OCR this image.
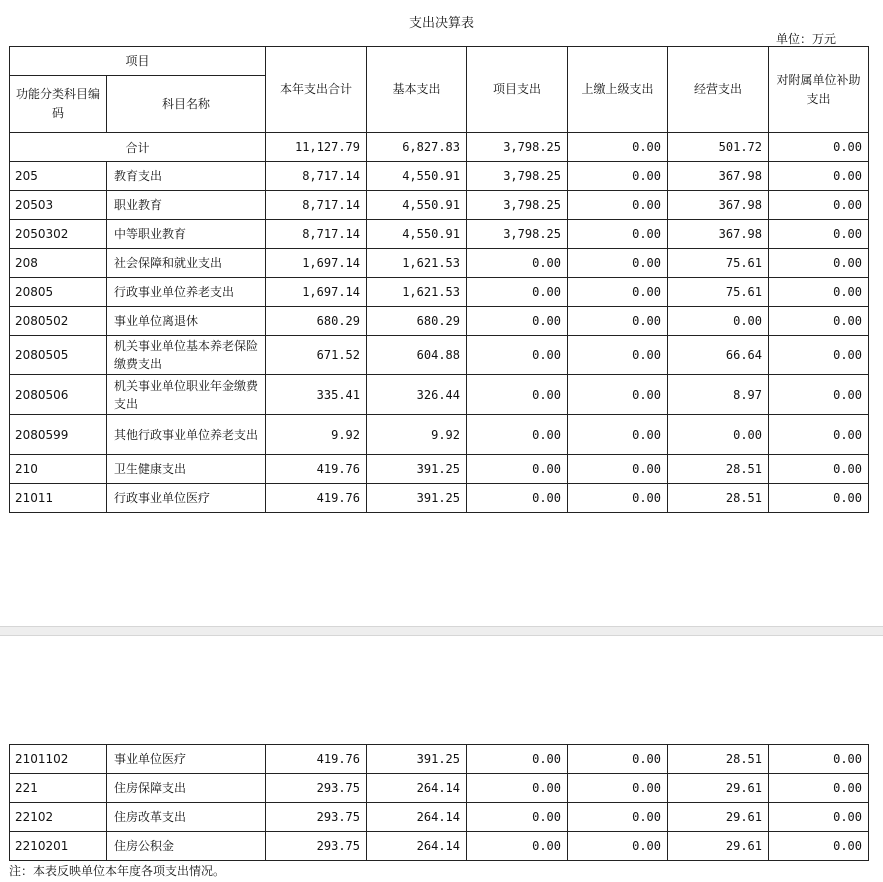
支出决算表
单位：万元
项目		本年支出合计	基本支出	项目支出	上缴上级支出	经营支出	对附属单位补助支出
功能分类科目编码	科目名称						
合计		11,127.79	6,827.83	3,798.25	0.00	501.72	0.00
205	教育支出	8,717.14	4,550.91	3,798.25	0.00	367.98	0.00
20503	职业教育	8,717.14	4,550.91	3,798.25	0.00	367.98	0.00
2050302	中等职业教育	8,717.14	4,550.91	3,798.25	0.00	367.98	0.00
208	社会保障和就业支出	1,697.14	1,621.53	0.00	0.00	75.61	0.00
20805	行政事业单位养老支出	1,697.14	1,621.53	0.00	0.00	75.61	0.00
2080502	事业单位离退休	680.29	680.29	0.00	0.00	0.00	0.00
2080505	机关事业单位基本养老保险缴费支出	671.52	604.88	0.00	0.00	66.64	0.00
2080506	机关事业单位职业年金缴费支出	335.41	326.44	0.00	0.00	8.97	0.00
2080599	其他行政事业单位养老支出	9.92	9.92	0.00	0.00	0.00	0.00
210	卫生健康支出	419.76	391.25	0.00	0.00	28.51	0.00
21011	行政事业单位医疗	419.76	391.25	0.00	0.00	28.51	0.00
2101102	事业单位医疗	419.76	391.25	0.00	0.00	28.51	0.00
221	住房保障支出	293.75	264.14	0.00	0.00	29.61	0.00
22102	住房改革支出	293.75	264.14	0.00	0.00	29.61	0.00
2210201	住房公积金	293.75	264.14	0.00	0.00	29.61	0.00
注：本表反映单位本年度各项支出情况。
